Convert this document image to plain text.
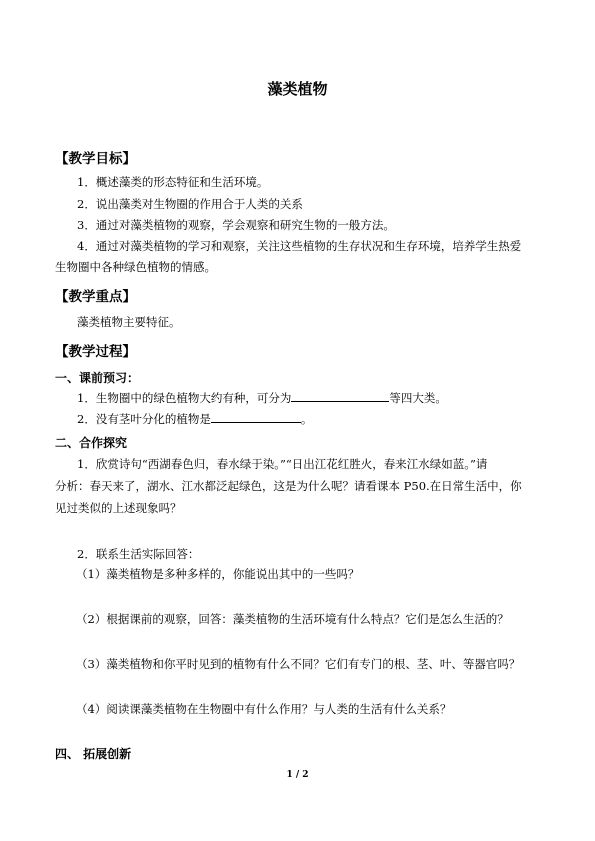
藻类植物
【教学目标】
1．概述藻类的形态特征和生活环境。
2．说出藻类对生物圈的作用合于人类的关系
3．通过对藻类植物的观察，学会观察和研究生物的一般方法。
4．通过对藻类植物的学习和观察，关注这些植物的生存状况和生存环境，培养学生热爱
生物圈中各种绿色植物的情感。
【教学重点】
藻类植物主要特征。
【教学过程】
一、课前预习：
1．生物圈中的绿色植物大约有种，可分为	等四大类。
2．没有茎叶分化的植物是	。
二、合作探究
1．欣赏诗句“西湖春色归，春水绿于染。”“日出江花红胜火，春来江水绿如蓝。”请
分析：春天来了，湖水、江水都泛起绿色，这是为什么呢？请看课本 P50.在日常生活中，你
见过类似的上述现象吗？
2．联系生活实际回答：
（1）藻类植物是多种多样的，你能说出其中的一些吗？
（2）根据课前的观察，回答：藻类植物的生活环境有什么特点？它们是怎么生活的？
（3）藻类植物和你平时见到的植物有什么不同？它们有专门的根、茎、叶、等器官吗？
（4）阅读课藻类植物在生物圈中有什么作用？与人类的生活有什么关系？
四、 拓展创新
1 / 2
